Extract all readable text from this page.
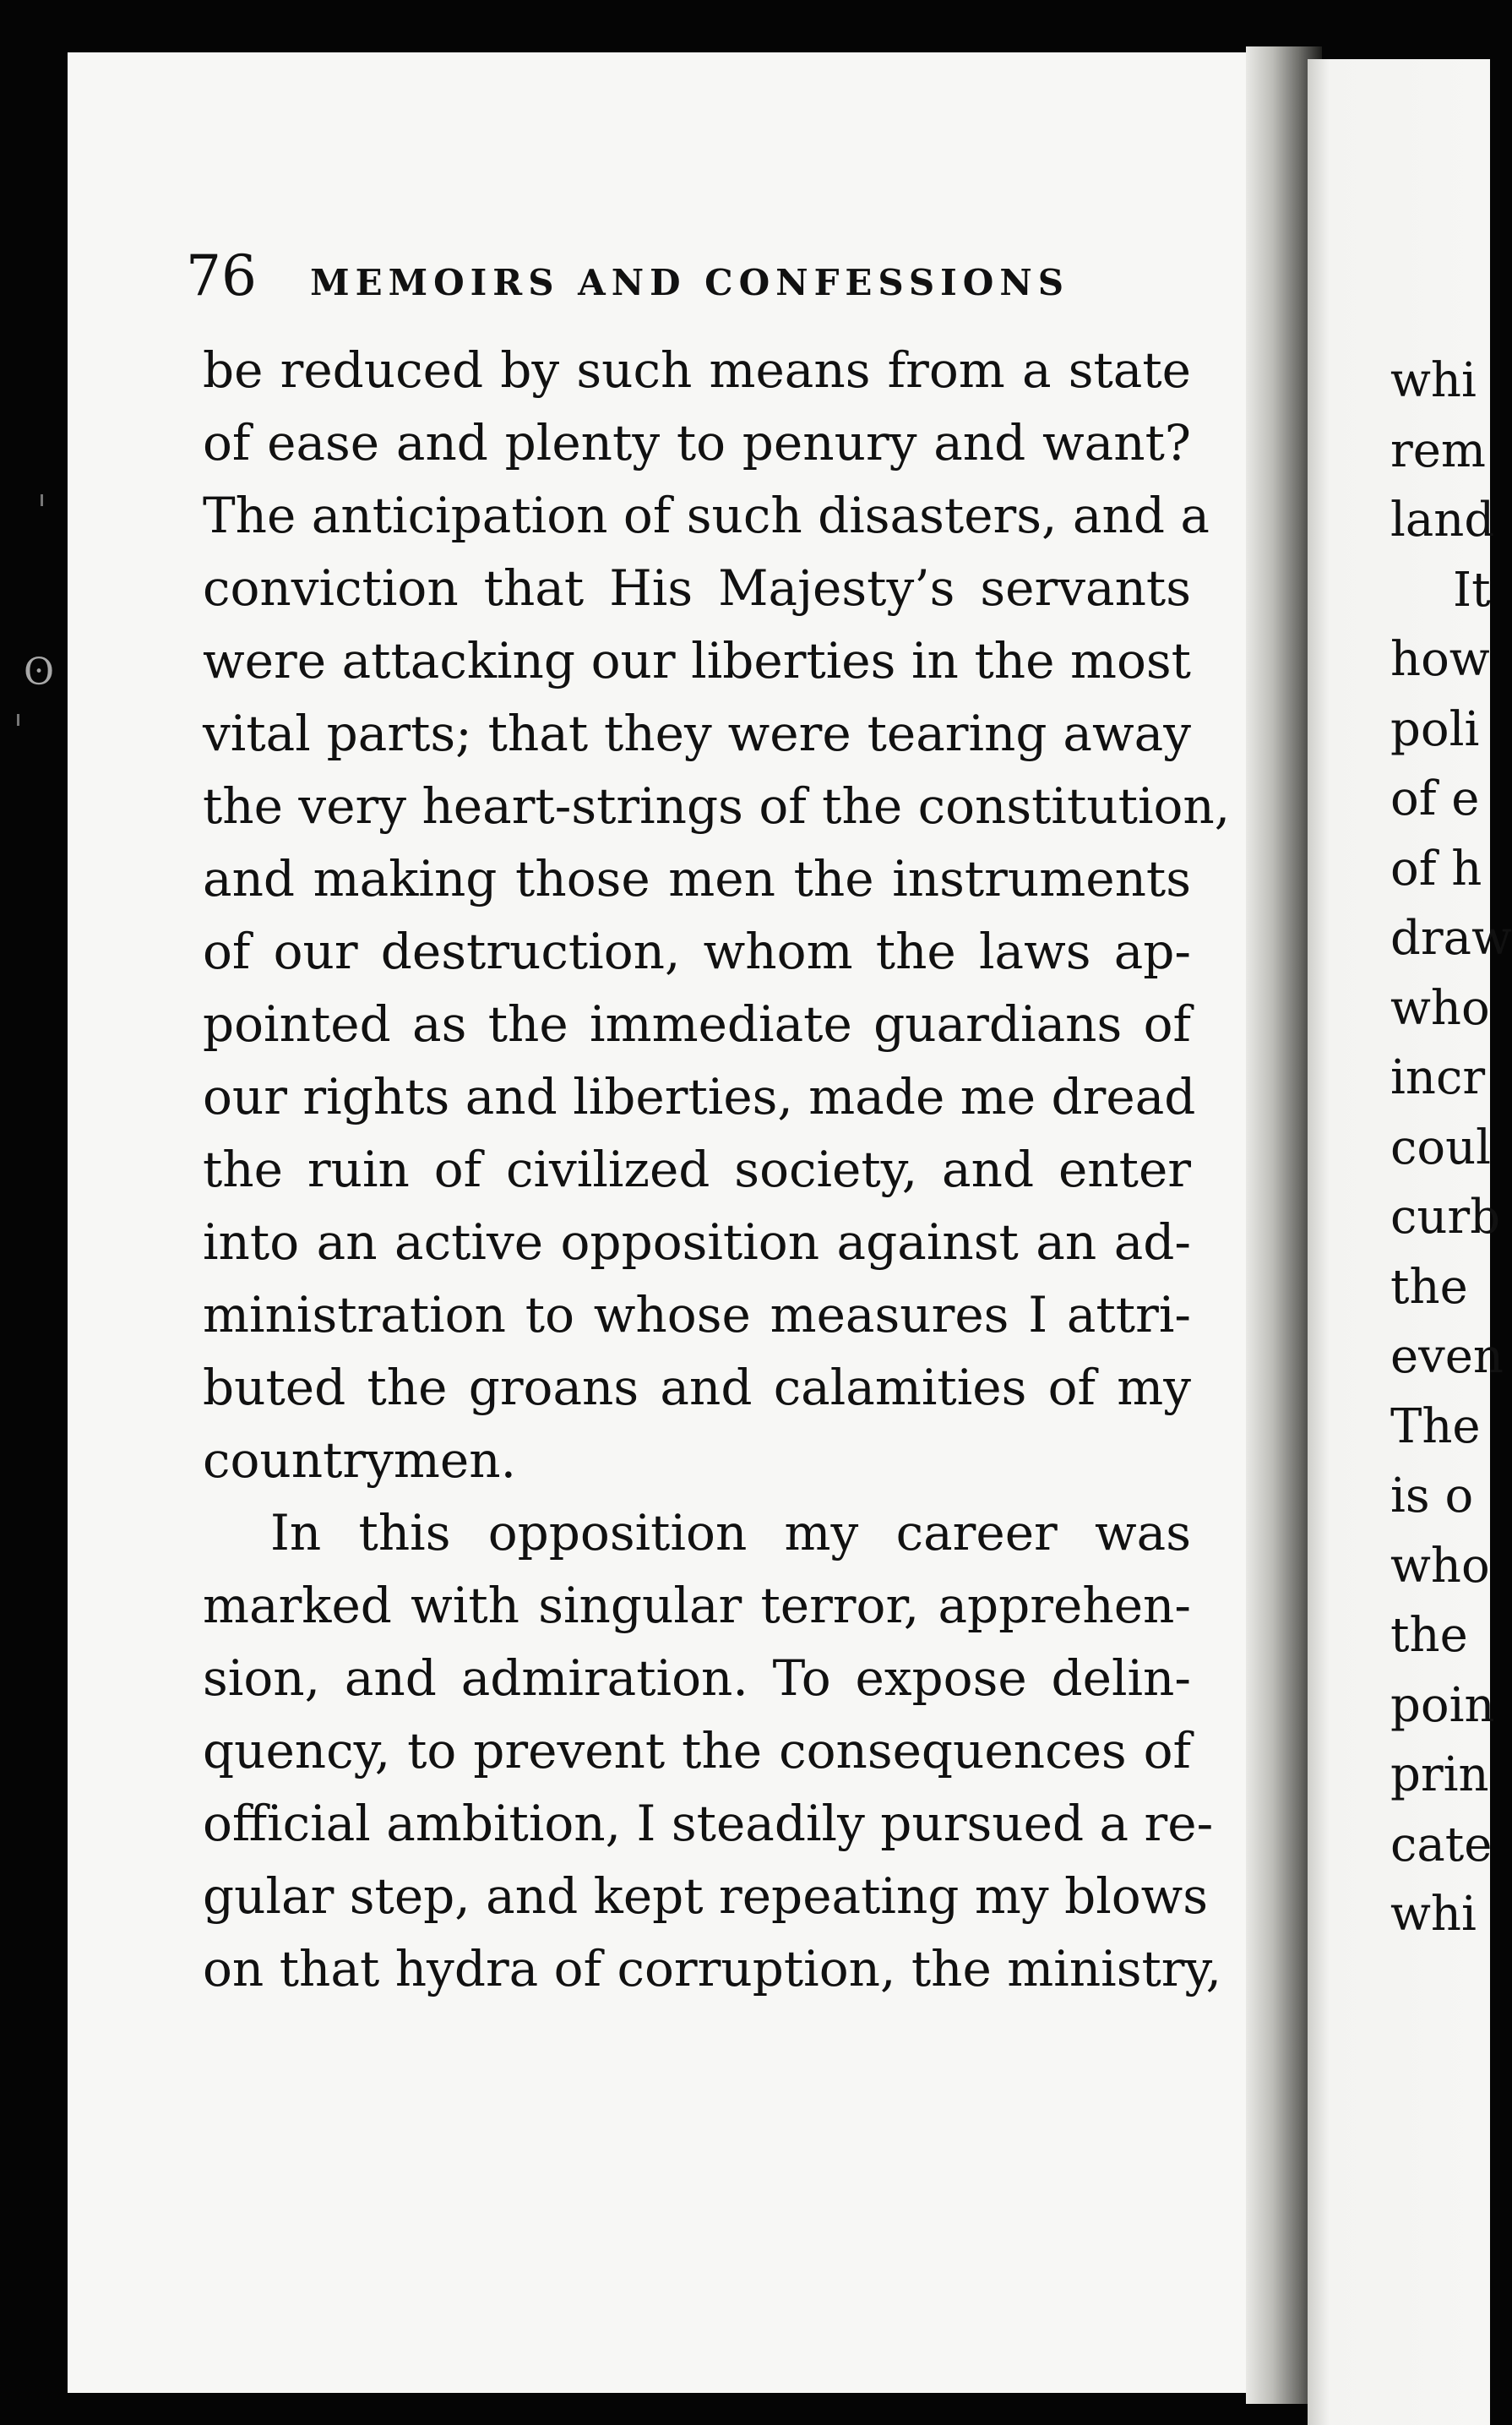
whi
rem
land
It
how
poli
of e
of h
draw
who
incr
coul
curb
the
even
The
is o
who
the
poin
prin
cate
whi
ʘ
76 MEMOIRS AND CONFESSIONS
be reduced by such means from a state
of ease and plenty to penury and want?
The anticipation of such disasters, and a
conviction that His Majesty’s servants
were attacking our liberties in the most
vital parts; that they were tearing away
the very heart-strings of the constitution,
and making those men the instruments
of our destruction, whom the laws ap-
pointed as the immediate guardians of
our rights and liberties, made me dread
the ruin of civilized society, and enter
into an active opposition against an ad-
ministration to whose measures I attri-
buted the groans and calamities of my
countrymen.
In this opposition my career was
marked with singular terror, apprehen-
sion, and admiration. To expose delin-
quency, to prevent the consequences of
official ambition, I steadily pursued a re-
gular step, and kept repeating my blows
on that hydra of corruption, the ministry,
